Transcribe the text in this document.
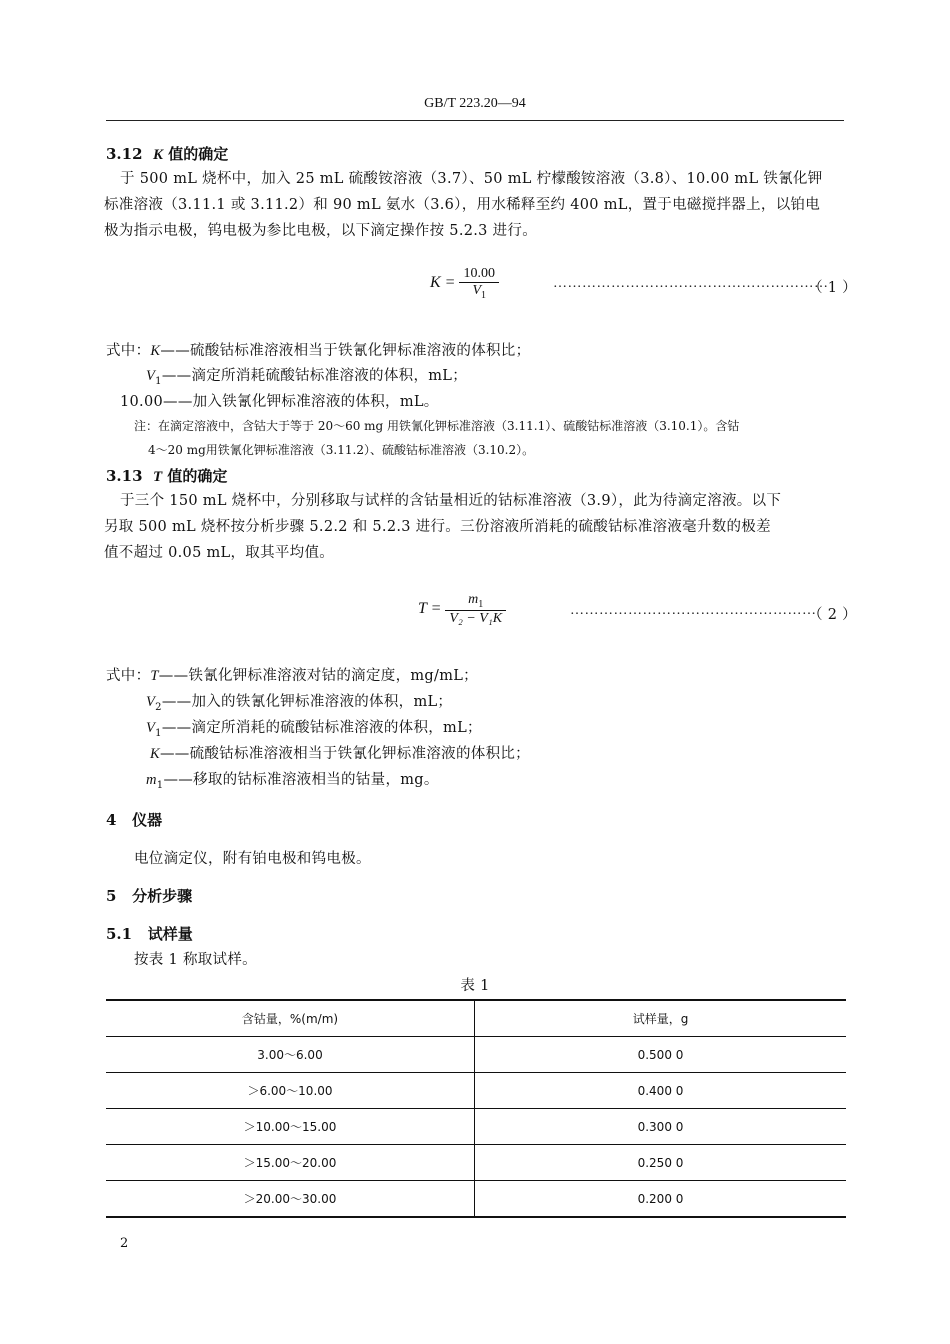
GB/T 223.20—94
3.12 K 值的确定
于 500 mL 烧杯中，加入 25 mL 硫酸铵溶液（3.7）、50 mL 柠檬酸铵溶液（3.8）、10.00 mL 铁氰化钾
标准溶液（3.11.1 或 3.11.2）和 90 mL 氨水（3.6），用水稀释至约 400 mL，置于电磁搅拌器上，以铂电
极为指示电极，钨电极为参比电极，以下滴定操作按 5.2.3 进行。
$K = \frac{10.00}{V_1}$	…………………………………………………
（ 1 ）
式中：K——硫酸钴标准溶液相当于铁氰化钾标准溶液的体积比；
$V_1——$滴定所消耗硫酸钴标准溶液的体积，mL；
10.00——加入铁氰化钾标准溶液的体积，mL。
注：在滴定溶液中，含钴大于等于 20～60 mg 用铁氰化钾标准溶液（3.11.1）、硫酸钴标准溶液（3.10.1）。含钴
4～20 mg用铁氰化钾标准溶液（3.11.2）、硫酸钴标准溶液（3.10.2）。
3.13 T 值的确定
于三个 150 mL 烧杯中，分别移取与试样的含钴量相近的钴标准溶液（3.9），此为待滴定溶液。以下
另取 500 mL 烧杯按分析步骤 5.2.2 和 5.2.3 进行。三份溶液所消耗的硫酸钴标准溶液毫升数的极差
值不超过 0.05 mL，取其平均值。
$T = \frac{m_1}{\text{V₂ − V₁K}}$	……………………………………………
（ 2 ）
式中：T——铁氰化钾标准溶液对钴的滴定度，mg/mL；
$V_2——$加入的铁氰化钾标准溶液的体积，mL；
$V_1——$滴定所消耗的硫酸钴标准溶液的体积，mL；
K——硫酸钴标准溶液相当于铁氰化钾标准溶液的体积比；
$m_1——$移取的钴标准溶液相当的钴量，mg。
4 仪器
电位滴定仪，附有铂电极和钨电极。
5 分析步骤
5.1 试样量
按表 1 称取试样。
表 1
含钴量，%(m/m)	试样量，g
3.00～6.00	0.500 0
＞6.00～10.00	0.400 0
＞10.00～15.00	0.300 0
＞15.00～20.00	0.250 0
＞20.00～30.00	0.200 0
2
